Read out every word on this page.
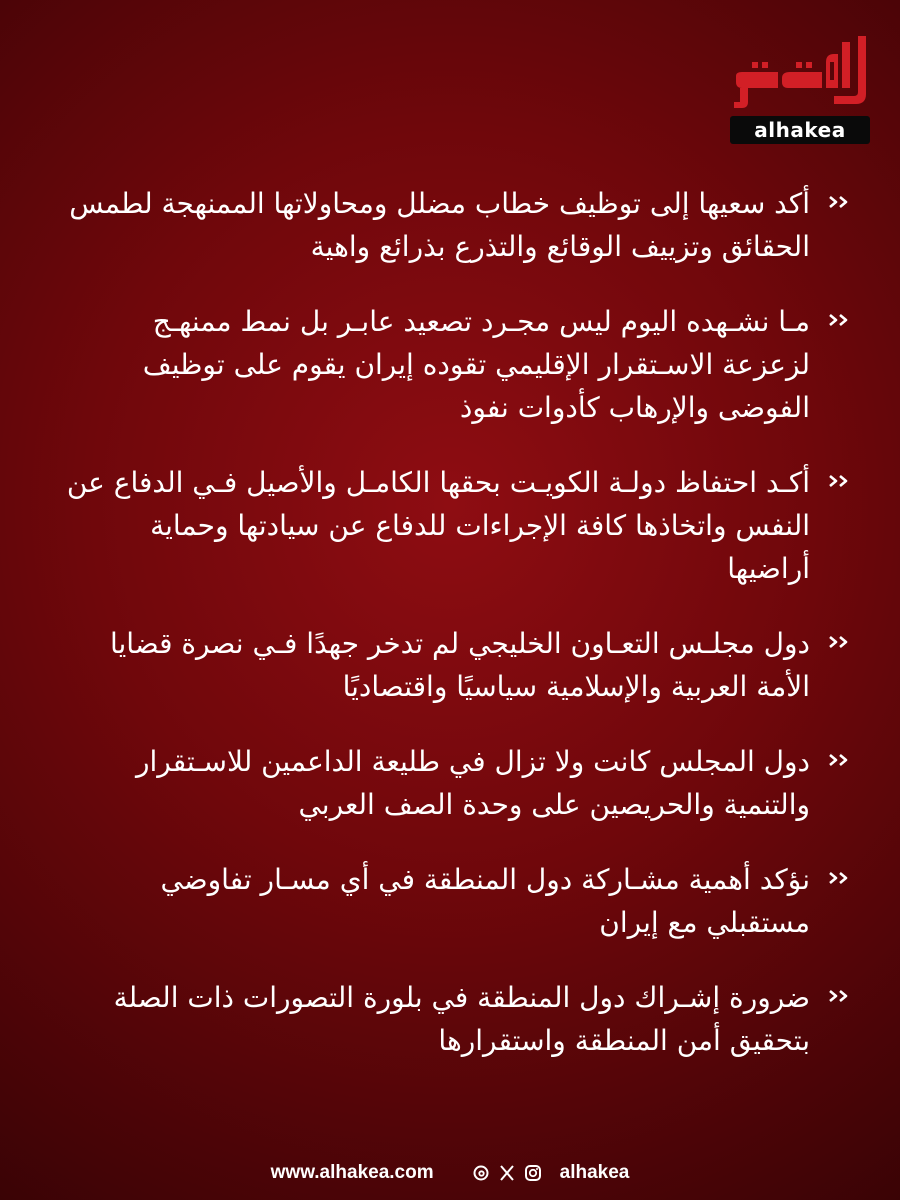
alhakea
أكد سعيها إلى توظيف خطاب مضلل ومحاولاتها الممنهجة لطمس الحقائق وتزييف الوقائع والتذرع بذرائع واهية
مـا نشـهده اليوم ليس مجـرد تصعيد عابـر بل نمط ممنهـج لزعزعة الاسـتقرار الإقليمي تقوده إيران يقوم على توظيف الفوضى والإرهاب كأدوات نفوذ
أكـد احتفاظ دولـة الكويـت بحقها الكامـل والأصيل فـي الدفاع عن النفس واتخاذها كافة الإجراءات للدفاع عن سيادتها وحماية أراضيها
دول مجلـس التعـاون الخليجي لم تدخر جهدًا فـي نصرة قضايا الأمة العربية والإسلامية سياسيًا واقتصاديًا
دول المجلس كانت ولا تزال في طليعة الداعمين للاسـتقرار والتنمية والحريصين على وحدة الصف العربي
نؤكد أهمية مشـاركة دول المنطقة في أي مسـار تفاوضي مستقبلي مع إيران
ضرورة إشـراك دول المنطقة في بلورة التصورات ذات الصلة بتحقيق أمن المنطقة واستقرارها
www.alhakea.com	alhakea
